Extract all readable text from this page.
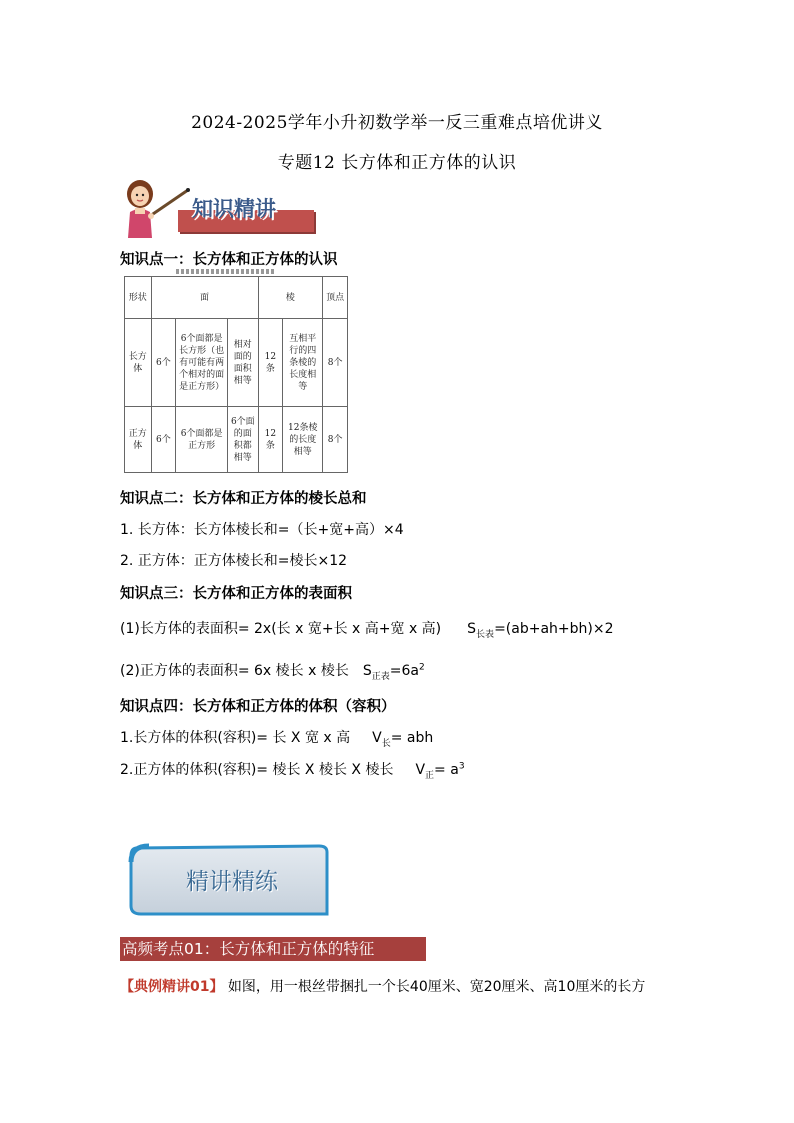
2024-2025学年小升初数学举一反三重难点培优讲义
专题12 长方体和正方体的认识
知识精讲
知识点一：长方体和正方体的认识
形状	面			棱		顶点
长方体	6个	6个面都是长方形（也有可能有两个相对的面是正方形）	相对面的面积相等	12条	互相平行的四条棱的长度相等	8个
正方体	6个	6个面都是正方形	6个面的面积都相等	12条	12条棱的长度相等	8个
知识点二：长方体和正方体的棱长总和
1. 长方体：长方体棱长和=（长+宽+高）×4
2. 正方体：正方体棱长和=棱长×12
知识点三：长方体和正方体的表面积
(1)长方体的表面积= 2x(长 x 宽+长 x 高+宽 x 高) $S_{长表}=(ab+ah+bh)\times 2$
(2)正方体的表面积= 6x 棱长 x 棱长 $S_{正表}=6a^2$
知识点四：长方体和正方体的体积（容积）
1.长方体的体积(容积)= 长 X 宽 x 高 $V_长=$ abh
2.正方体的体积(容积)= 棱长 X 棱长 X 棱长 $V_正= a^3$
精讲精练
高频考点01：长方体和正方体的特征
【典例精讲01】 如图，用一根丝带捆扎一个长40厘米、宽20厘米、高10厘米的长方
